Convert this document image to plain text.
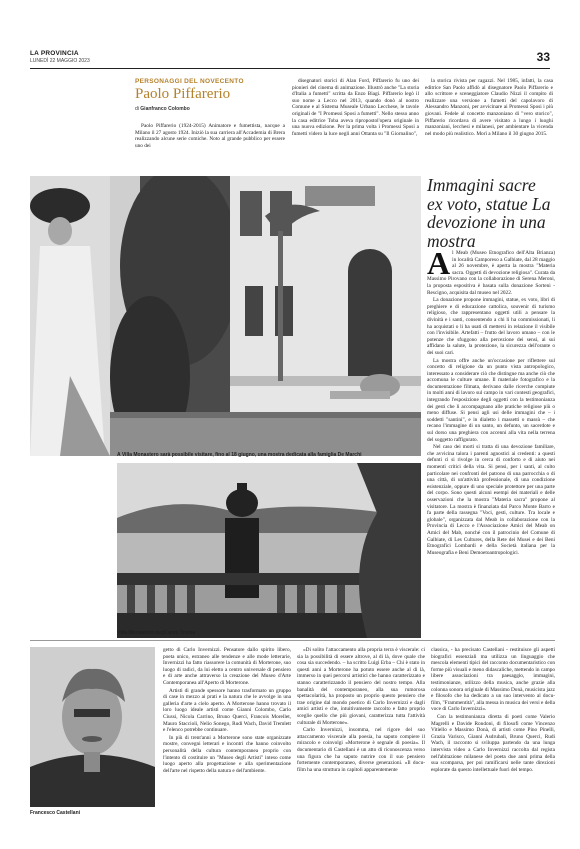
LA PROVINCIA
LUNEDÌ 22 MAGGIO 2023	33
PERSONAGGI DEL NOVECENTO
Paolo Piffarerio
di Gianfranco Colombo

Paolo Piffarerio (1924-2015) Animatore e fumettista, nacque a Milano il 27 agosto 1924. Iniziò la sua carriera all'Accademia di Brera realizzando alcune serie comiche. Noto al grande pubblico per essere uno dei

disegnatori storici di Alan Ford, Piffarerio fu uno dei pionieri del cinema di animazione. Illustrò anche "La storia d'Italia a fumetti" scritta da Enzo Biagi. Piffarerio legò il suo nome a Lecco nel 2013, quando donò al nostro Comune e al Sistema Museale Urbano Lecchese, le tavole originali de "I Promessi Sposi a fumetti". Nello stesso anno la casa editrice Toba aveva ripropostol'opera originale in una nuova edizione. Per la prima volta i Promessi Sposi a fumetti videro la luce negli anni Ottanta su "Il Giornalino",

la storica rivista per ragazzi. Nel 1985, infatti, la casa editrice San Paolo affidò al disegnatore Paolo Piffarerio e allo scrittore e sceneggiatore Claudio Nizzi il compito di realizzare una versione a fumetti del capolavoro di Alessandro Manzoni, per avvicinare ai Promessi Sposi i più giovani. Fedele al concetto manzoniano di "vero storico", Piffarerio ricordava di avere visitato a lungo i luoghi manzoniani, lecchesi e milanesi, per ambientare la vicenda nel modo più realistico. Morì a Milano il 30 giugno 2015.

A Villa Monastero sarà possibile visitare, fino al 18 giugno, una mostra dedicata alla famiglia De Marchi
Villa Monastero negli anni Trenta
Immagini sacre ex voto, statue La devozione in una mostra

Al Meab (Museo Etnografico dell'Alta Brianza) in località Camporeso a Galbiate, dal 28 maggio al 26 novembre, è aperta la mostra "Materia sacra. Oggetti di devozione religiosa". Curata da Massimo Pirovano con la collaborazione di Serena Meroni, la proposta espositiva è basata sulla donazione Sorteni - Rescigno, acquisita dal museo nel 2022.

La donazione propone immagini, statue, ex voto, libri di preghiere e di educazione cattolica, souvenir di turismo religioso, che rappresentano oggetti utili a pensare la divinità e i santi, consentendo a chi li ha commissionati, li ha acquistati o li ha usati di mettersi in relazione il visibile con l'invisibile. Artefatti – frutto del lavoro umano – con le potenze che sfuggono alla percezione dei sensi, ai sui affidano la salute, la protezione, la sicurezza dell'orante o dei suoi cari.

La mostra offre anche un'occasione per riflettere sul concetto di religione da un punto vista antropologico, interessato a considerare ciò che distingue ma anche ciò che accomuna le culture umane. Il materiale fotografico e la documentazione filmata, derivano dalle ricerche compiute in molti anni di lavoro sul campo in vari contesti geografici, integrando l'esposizione degli oggetti con la testimonianza dei gesti che li accompagnano alle pratiche religiose più o meno diffuse. Si pensi agli usi delle immagini che – i soddetti "santini", e in dialetto i massetti o massù – che recano l'immagine di un santo, un defunto, un sacerdote e sul dorso una preghiera con accenni alla vita nella terrena del soggetto raffigurato.

Nel caso dei morti si tratta di una devozione familiare, che avvicina talora i parenti agnostici ai credenti: a questi defunti ci si rivolge in cerca di conforto e di aiuto nei momenti critici della vita. Si pensi, per i santi, al culto particolare nei confronti del patrono di una parrocchia o di una città, di un'attività professionale, di una condizione esistenziale, oppure di uno speciale protettore per una parte del corpo. Sono questi alcuni esempi dei materiali e delle osservazioni che la mostra "Materia sacra" propone al visitatore. La mostra è finanziata dal Parco Monte Barro e fa parte della rassegna "Voci, gesti, culture. Tra locale e globale", organizzata dal Meab in collaborazione con la Provincia di Lecco e l'Associazione Amici del Meab on Amici del Mab, nonché con il patrocinio del Comune di Galbiate, di Les Cultures, della Rete dei Musei e dei Beni Etnografici Lombardi e della Società italiana per la Museografia e Beni Demoetoantropologici.

Francesco Castellani

getto di Carlo Invernizzi. Pensatore dallo spirito libero, poeta unico, estraneo alle tendenze e alle mode letterarie, Invernizzi ha fatto riassorere la comunità di Morterone, suo luogo di radici, da lui eletto a centro universale di pensiero e di arte anche attraverso la creazione del Museo d'Arte Contemporanea all'Aperto di Morterone.

Artisti di grande spessore hanno trasformato un gruppo di case in mezzo ai prati e la natura che le avvolge in una galleria d'arte a cielo aperto. A Morterone hanno trovato il loro luogo ideale artisti come Gianni Colombo, Carlo Ciussi, Nicola Carrino, Bruno Querci, Francois Morellet, Mauro Staccioli, Nelio Sonego, Rudi Wach, David Tremlett e l'elenco potrebbe continuare.

In più di trent'anni a Morterone sono state organizzate mostre, convegni letterari e incontri che hanno coinvolto personalità della cultura contemporanea proprio con l'intento di costituire un "Museo degli Artisti" inteso come luogo aperto alla progettazione e alla sperimentazione dell'arte nel rispetto della natura e dell'ambiente.

«Di solito l'attaccamento alla propria terra è viscerale: ci sia la possibilità di essere altrove, al di là, dove quale che cosa sia succedendo. – ha scritto Luigi Erba – Chi è stato in questi anni a Morterone ha potuto essere anche al di là, immerso in quei percorsi artistici che hanno caratterizzato e stanno caratterizzando il pensiero del nostro tempo. Alla banalità del contemporaneo, alla sua rumorosa spettacolarità, ha proposto un proprio questo pensiero che trae origine dal mondo poetico di Carlo Invernizzi e dagli amici artisti e che, intuitivamente raccolto e fatto proprio sceglie quello che più giovani, caratterizza tutta l'attività culturale di Morterone».

Carlo Invernizzi, insomma, nel rigore del suo attaccamento viscerale alla poesia, ha saputo compiere il miracolo e coinvolgi «Morterone è segnale di poesia». Il documentario di Castellani è un atto di riconoscenza verso una figura che ha saputo nutrire con il suo pensiero fortemente contemporaneo, diverse generazioni. «Il docu-film ha una struttura in capitoli apparentemente

classica, - ha precisato Castellani - restituisce gli aspetti biografici essenziali ma utilizza un linguaggio che mescola elementi tipici del racconto documentaristico con forme più visuali e meno didascaliche, mettendo in campo libere associazioni tra paesaggio, immagini, testimonianze, utilizzo della musica, anche grazie alla colonna sonora originale di Massimo Donà, musicista jazz e filosofo che ha dedicato a un suo intervento al docu-film, "Frammentità", alla messa in musica dei versi e della voce di Carlo Invernizzi».

Con la testimonianza diretta di poeti come Valerio Magrelli e Davide Rondoni, di filosofi come Vincenzo Vitiello e Massimo Donà, di artisti come Pino Pinelli, Grazia Varisco, Gianni Asdrubali, Bruno Querci, Rudi Wach, il racconto si sviluppa partendo da una lunga intervista video a Carlo Invernizzi raccolta dal regista nell'abitazione milanese del poeta due anni prima della sua scomparsa, per poi ramificarsi nelle tante direzioni esplorate da questo intellettuale fuori del tempo.
